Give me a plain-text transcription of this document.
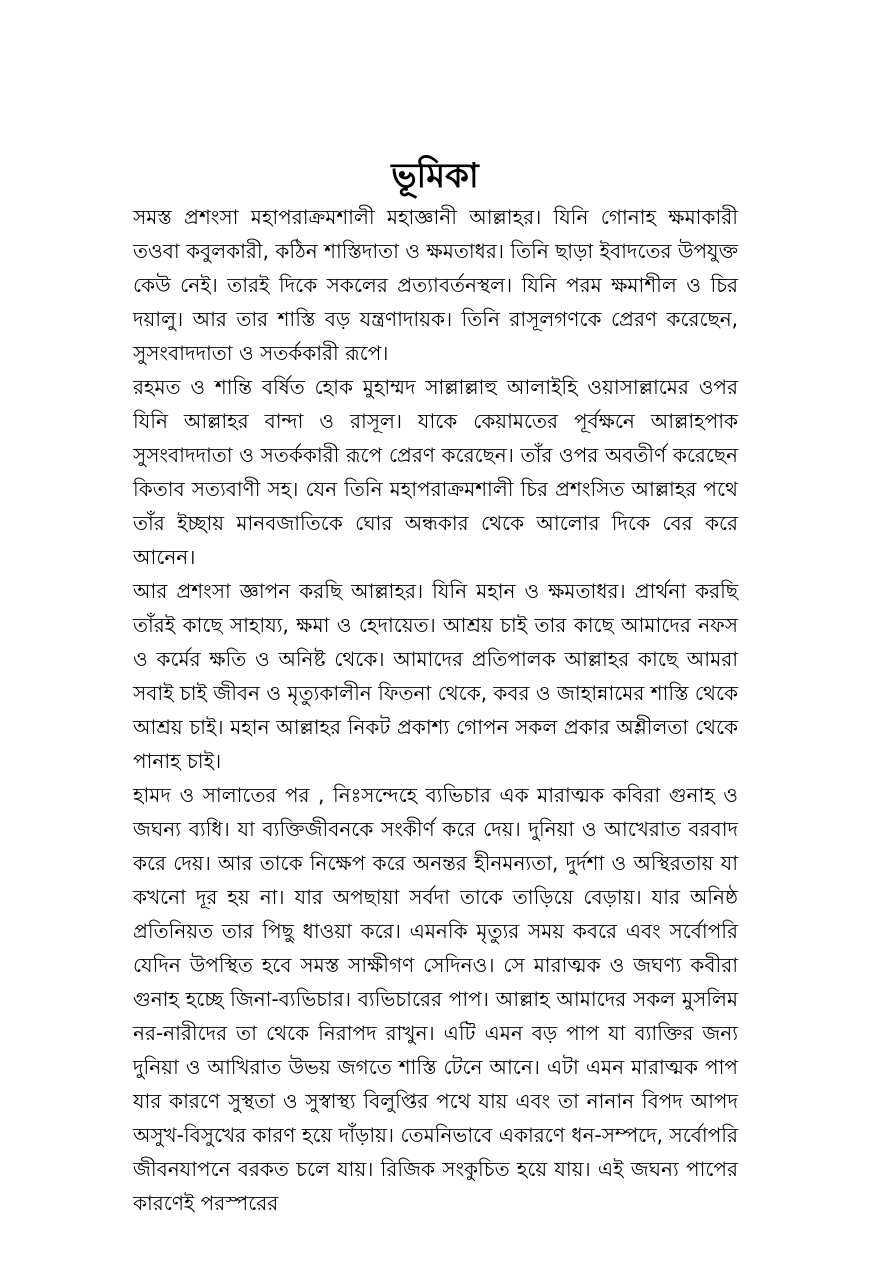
ভূমিকা

সমস্ত প্রশংসা মহাপরাক্রমশালী মহাজ্ঞানী আল্লাহর। যিনি গোনাহ ক্ষমাকারী তওবা কবুলকারী, কঠিন শাস্তিদাতা ও ক্ষমতাধর। তিনি ছাড়া ইবাদতের উপযুক্ত কেউ নেই। তারই দিকে সকলের প্রত্যাবর্তনস্থল। যিনি পরম ক্ষমাশীল ও চির দয়ালু। আর তার শাস্তি বড় যন্ত্রণাদায়ক। তিনি রাসূলগণকে প্রেরণ করেছেন, সুসংবাদদাতা ও সতর্ককারী রূপে।

রহমত ও শান্তি বর্ষিত হোক মুহাম্মদ সাল্লাল্লাহু আলাইহি ওয়াসাল্লামের ওপর যিনি আল্লাহর বান্দা ও রাসূল। যাকে কেয়ামতের পূর্বক্ষনে আল্লাহপাক সুসংবাদদাতা ও সতর্ককারী রূপে প্রেরণ করেছেন। তাঁর ওপর অবতীর্ণ করেছেন কিতাব সত্যবাণী সহ। যেন তিনি মহাপরাক্রমশালী চির প্রশংসিত আল্লাহর পথে তাঁর ইচ্ছায় মানবজাতিকে ঘোর অন্ধকার থেকে আলোর দিকে বের করে আনেন।

আর প্রশংসা জ্ঞাপন করছি আল্লাহর। যিনি মহান ও ক্ষমতাধর। প্রার্থনা করছি তাঁরই কাছে সাহায্য, ক্ষমা ও হেদায়েত। আশ্রয় চাই তার কাছে আমাদের নফস ও কর্মের ক্ষতি ও অনিষ্ট থেকে। আমাদের প্রতিপালক আল্লাহর কাছে আমরা সবাই চাই জীবন ও মৃত্যুকালীন ফিতনা থেকে, কবর ও জাহান্নামের শাস্তি থেকে আশ্রয় চাই। মহান আল্লাহর নিকট প্রকাশ্য গোপন সকল প্রকার অশ্লীলতা থেকে পানাহ চাই।

হামদ ও সালাতের পর , নিঃসন্দেহে ব্যভিচার এক মারাত্মক কবিরা গুনাহ ও জঘন্য ব্যধি। যা ব্যক্তিজীবনকে সংকীর্ণ করে দেয়। দুনিয়া ও আখেরাত বরবাদ করে দেয়। আর তাকে নিক্ষেপ করে অনন্তর হীনমন্যতা, দুর্দশা ও অস্থিরতায় যা কখনো দূর হয় না। যার অপছায়া সর্বদা তাকে তাড়িয়ে বেড়ায়। যার অনিষ্ঠ প্রতিনিয়ত তার পিছু ধাওয়া করে। এমনকি মৃত্যুর সময় কবরে এবং সর্বোপরি যেদিন উপস্থিত হবে সমস্ত সাক্ষীগণ সেদিনও। সে মারাত্মক ও জঘণ্য কবীরা গুনাহ হচ্ছে জিনা-ব্যভিচার। ব্যভিচারের পাপ। আল্লাহ আমাদের সকল মুসলিম নর-নারীদের তা থেকে নিরাপদ রাখুন। এটি এমন বড় পাপ যা ব্যাক্তির জন্য দুনিয়া ও আখিরাত উভয় জগতে শাস্তি টেনে আনে। এটা এমন মারাত্মক পাপ যার কারণে সুস্থতা ও সুস্বাস্থ্য বিলুপ্তির পথে যায় এবং তা নানান বিপদ আপদ অসুখ-বিসুখের কারণ হয়ে দাঁড়ায়। তেমনিভাবে একারণে ধন-সম্পদে, সর্বোপরি জীবনযাপনে বরকত চলে যায়। রিজিক সংকুচিত হয়ে যায়। এই জঘন্য পাপের কারণেই পরস্পরের
